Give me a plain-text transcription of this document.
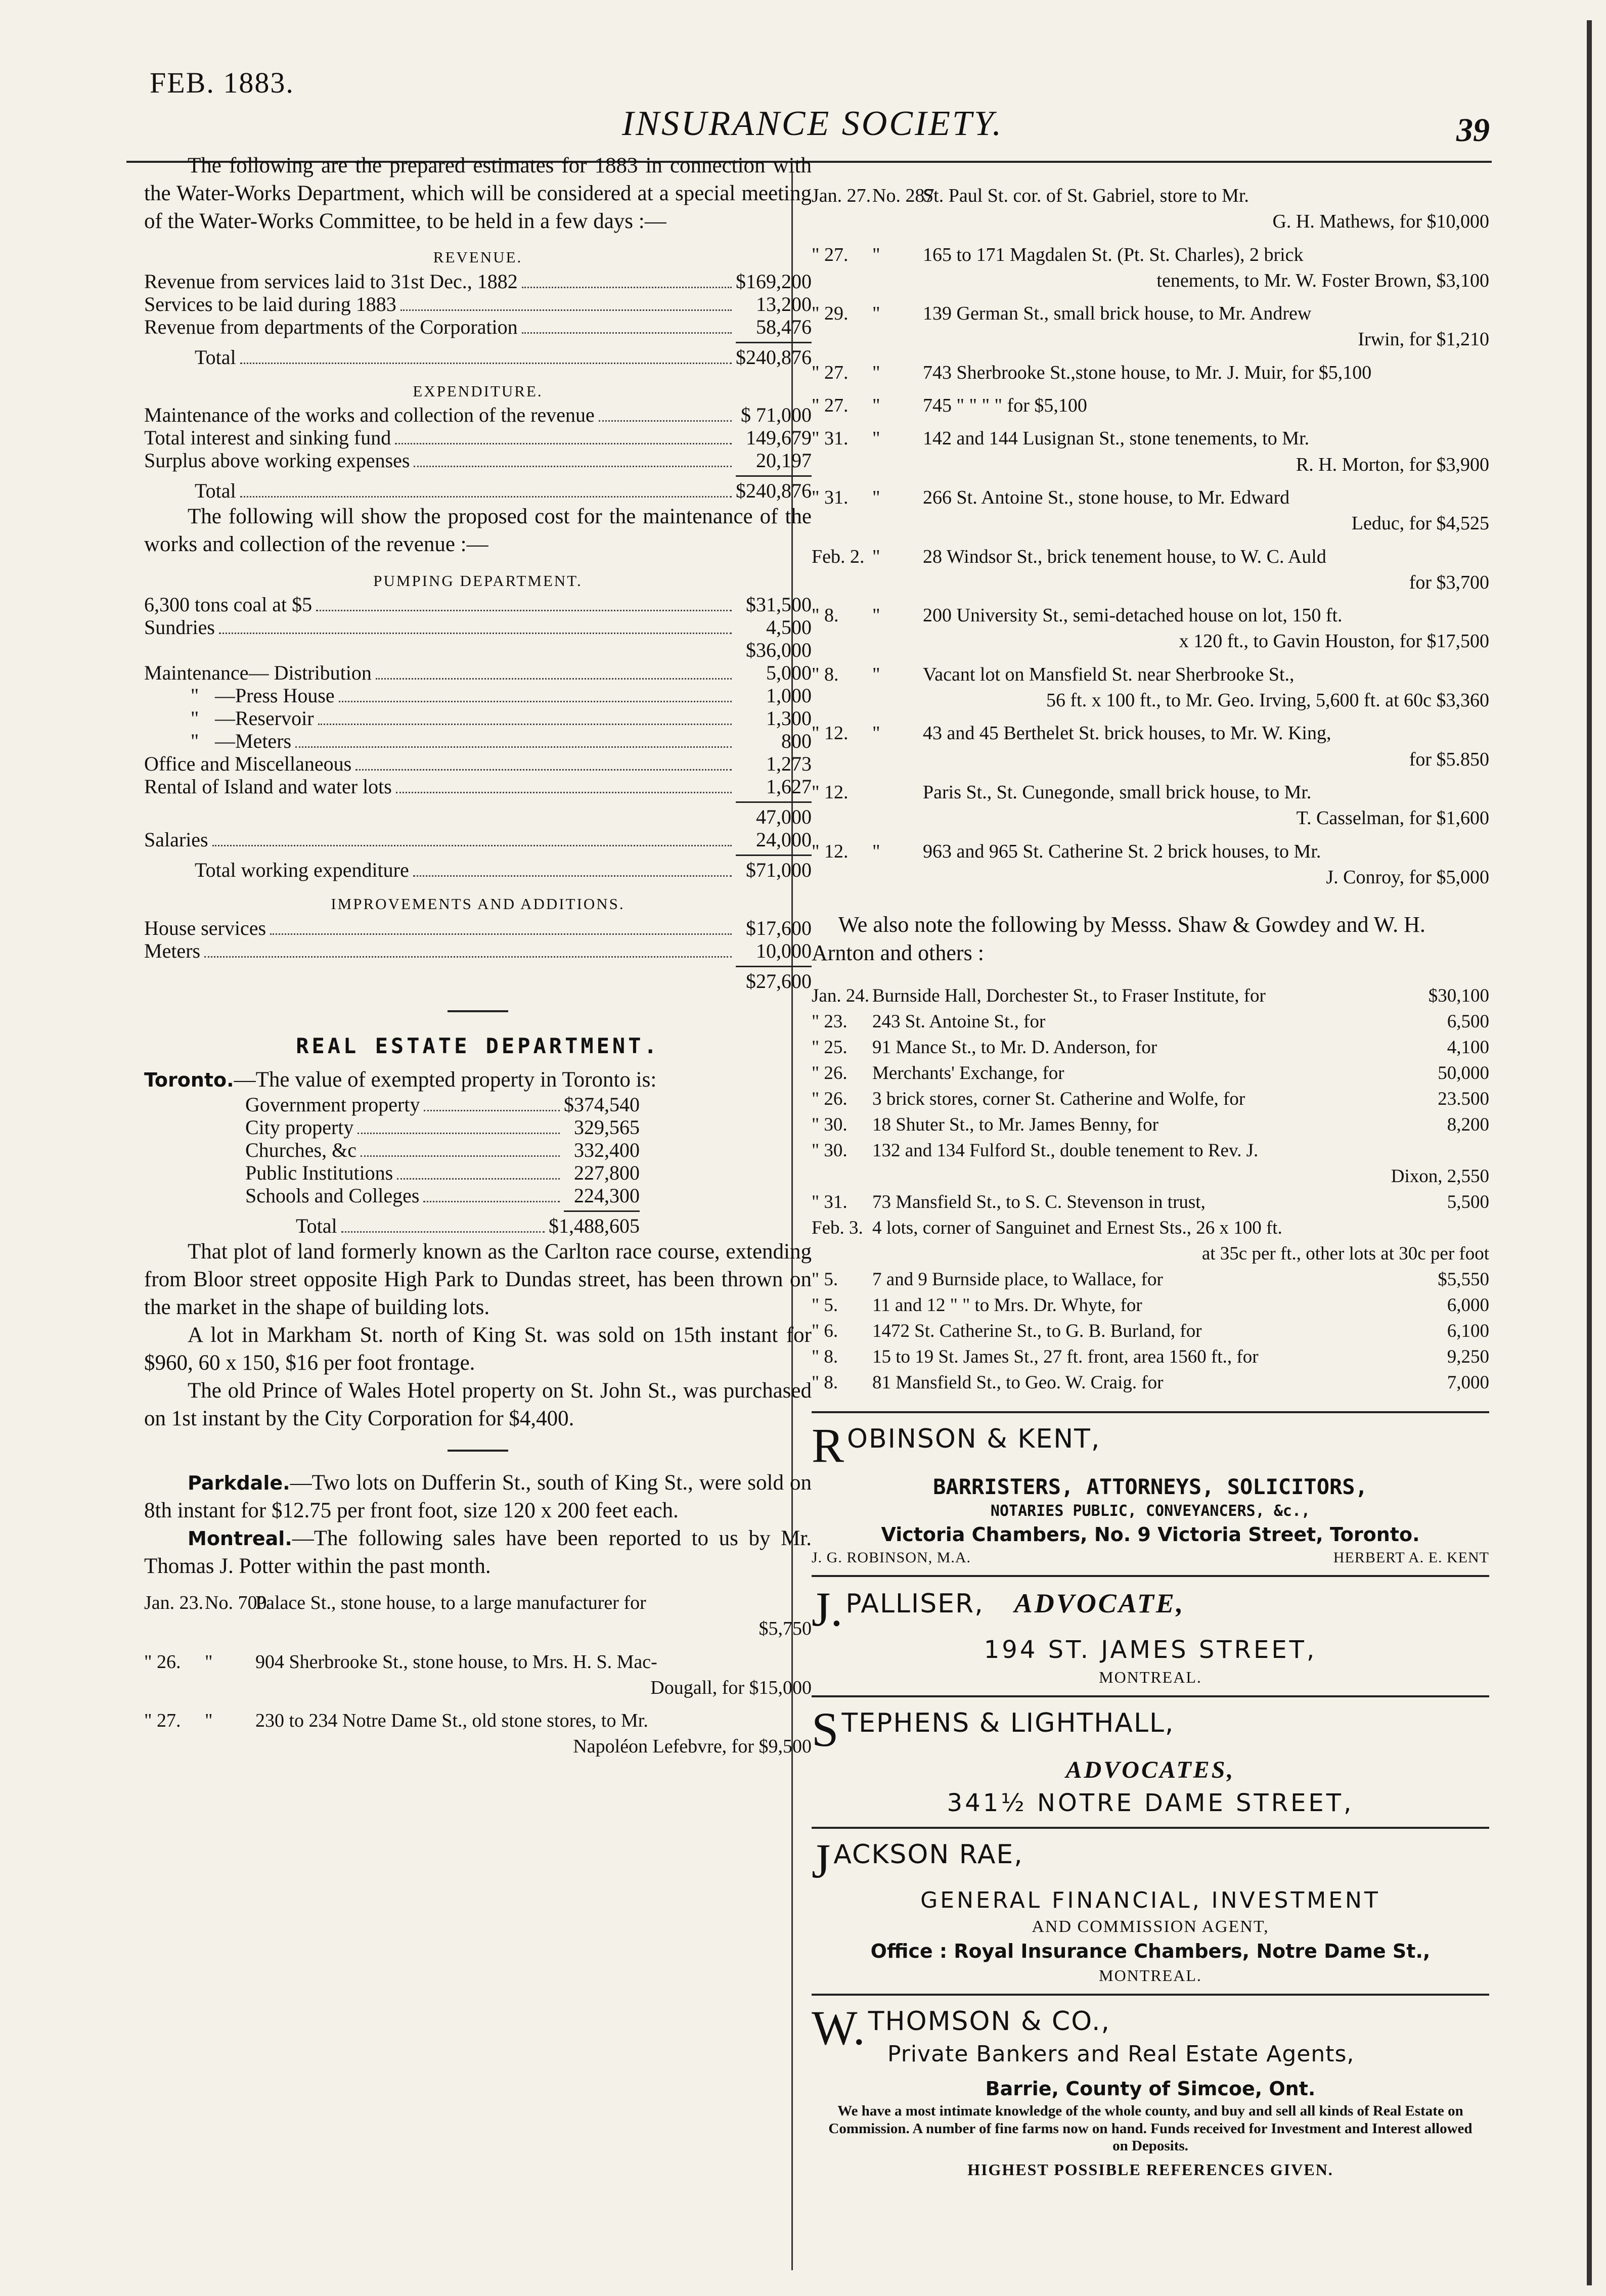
FEB. 1883.
INSURANCE SOCIETY.	39

The following are the prepared estimates for 1883 in connection with the Water-Works Department, which will be considered at a special meeting of the Water-Works Committee, to be held in a few days :—

REVENUE.
Revenue from services laid to 31st Dec., 1882	$169,200
Services to be laid during 1883	13,200
Revenue from departments of the Corporation	58,476
Total	$240,876
EXPENDITURE.
Maintenance of the works and collection of the revenue	$ 71,000
Total interest and sinking fund	149,679
Surplus above working expenses	20,197
Total	$240,876

The following will show the proposed cost for the maintenance of the works and collection of the revenue :—

PUMPING DEPARTMENT.
6,300 tons coal at $5	$31,500
Sundries	4,500
$36,000
Maintenance— Distribution	5,000
" —Press House	1,000
" —Reservoir	1,300
" —Meters	800
Office and Miscellaneous	1,273
Rental of Island and water lots	1,627
47,000
Salaries	24,000
Total working expenditure	$71,000
IMPROVEMENTS AND ADDITIONS.
House services	$17,600
Meters	10,000
$27,600
REAL ESTATE DEPARTMENT.

Toronto.—The value of exempted property in Toronto is:

Government property	$374,540
City property	329,565
Churches, &c	332,400
Public Institutions	227,800
Schools and Colleges	224,300
Total	$1,488,605

That plot of land formerly known as the Carlton race course, extending from Bloor street opposite High Park to Dundas street, has been thrown on the market in the shape of building lots.

A lot in Markham St. north of King St. was sold on 15th instant for $960, 60 x 150, $16 per foot frontage.

The old Prince of Wales Hotel property on St. John St., was purchased on 1st instant by the City Corporation for $4,400.

Parkdale.—Two lots on Dufferin St., south of King St., were sold on 8th instant for $12.75 per front foot, size 120 x 200 feet each.

Montreal.—The following sales have been reported to us by Mr. Thomas J. Potter within the past month.

Jan. 23. No. 700
Palace St., stone house, to a large manufacturer for
$5,750
" 26.	"	904 Sherbrooke St., stone house, to Mrs. H. S. Mac-
Dougall, for $15,000
" 27.	"	230 to 234 Notre Dame St., old stone stores, to Mr.
Napoléon Lefebvre, for $9,500
Jan. 27. No. 287
St. Paul St. cor. of St. Gabriel, store to Mr.
G. H. Mathews, for $10,000
" 27.	"	165 to 171 Magdalen St. (Pt. St. Charles), 2 brick
tenements, to Mr. W. Foster Brown, $3,100
" 29.	"	139 German St., small brick house, to Mr. Andrew
Irwin, for $1,210
" 27.	"	743 Sherbrooke St.,stone house, to Mr. J. Muir, for $5,100
" 27.	"	745 " " " " for $5,100
" 31.	"	142 and 144 Lusignan St., stone tenements, to Mr.
R. H. Morton, for $3,900
" 31.	"	266 St. Antoine St., stone house, to Mr. Edward
Leduc, for $4,525
Feb. 2. "	28 Windsor St., brick tenement house, to W. C. Auld
for $3,700
" 8.	"	200 University St., semi-detached house on lot, 150 ft.
x 120 ft., to Gavin Houston, for $17,500
" 8.	"	Vacant lot on Mansfield St. near Sherbrooke St.,
56 ft. x 100 ft., to Mr. Geo. Irving, 5,600 ft. at 60c $3,360
" 12.	"	43 and 45 Berthelet St. brick houses, to Mr. W. King,
for $5.850
" 12.	Paris St., St. Cunegonde, small brick house, to Mr.
T. Casselman, for $1,600
" 12.	"	963 and 965 St. Catherine St. 2 brick houses, to Mr.
J. Conroy, for $5,000
We also note the following by Messs. Shaw & Gowdey and W. H. Arnton and others :
Jan. 24. Burnside Hall, Dorchester St., to Fraser Institute, for	$30,100
" 23.	243 St. Antoine St., for	6,500
" 25.	91 Mance St., to Mr. D. Anderson, for	4,100
" 26.	Merchants' Exchange, for	50,000
" 26.	3 brick stores, corner St. Catherine and Wolfe, for	23.500
" 30.	18 Shuter St., to Mr. James Benny, for	8,200
" 30.	132 and 134 Fulford St., double tenement to Rev. J.
Dixon, 2,550
" 31.	73 Mansfield St., to S. C. Stevenson in trust,	5,500
Feb. 3. 4 lots, corner of Sanguinet and Ernest Sts., 26 x 100 ft.
at 35c per ft., other lots at 30c per foot
" 5.	7 and 9 Burnside place, to Wallace, for	$5,550
" 5.	11 and 12 " " to Mrs. Dr. Whyte, for	6,000
" 6.	1472 St. Catherine St., to G. B. Burland, for	6,100
" 8.	15 to 19 St. James St., 27 ft. front, area 1560 ft., for	9,250
" 8.	81 Mansfield St., to Geo. W. Craig. for	7,000
ROBINSON & KENT,
BARRISTERS, ATTORNEYS, SOLICITORS,
NOTARIES PUBLIC, CONVEYANCERS, &c.,
Victoria Chambers, No. 9 Victoria Street, Toronto.
J. G. ROBINSON, M.A.	HERBERT A. E. KENT
J. PALLISER, ADVOCATE,
194 ST. JAMES STREET,
MONTREAL.
STEPHENS & LIGHTHALL,
ADVOCATES,
341½ NOTRE DAME STREET,
JACKSON RAE,
GENERAL FINANCIAL, INVESTMENT
AND COMMISSION AGENT,
Office : Royal Insurance Chambers, Notre Dame St.,
MONTREAL.
W. THOMSON & CO.,
Private Bankers and Real Estate Agents,
Barrie, County of Simcoe, Ont.
We have a most intimate knowledge of the whole county, and buy and sell all kinds of Real Estate on Commission. A number of fine farms now on hand. Funds received for Investment and Interest allowed on Deposits.
HIGHEST POSSIBLE REFERENCES GIVEN.
